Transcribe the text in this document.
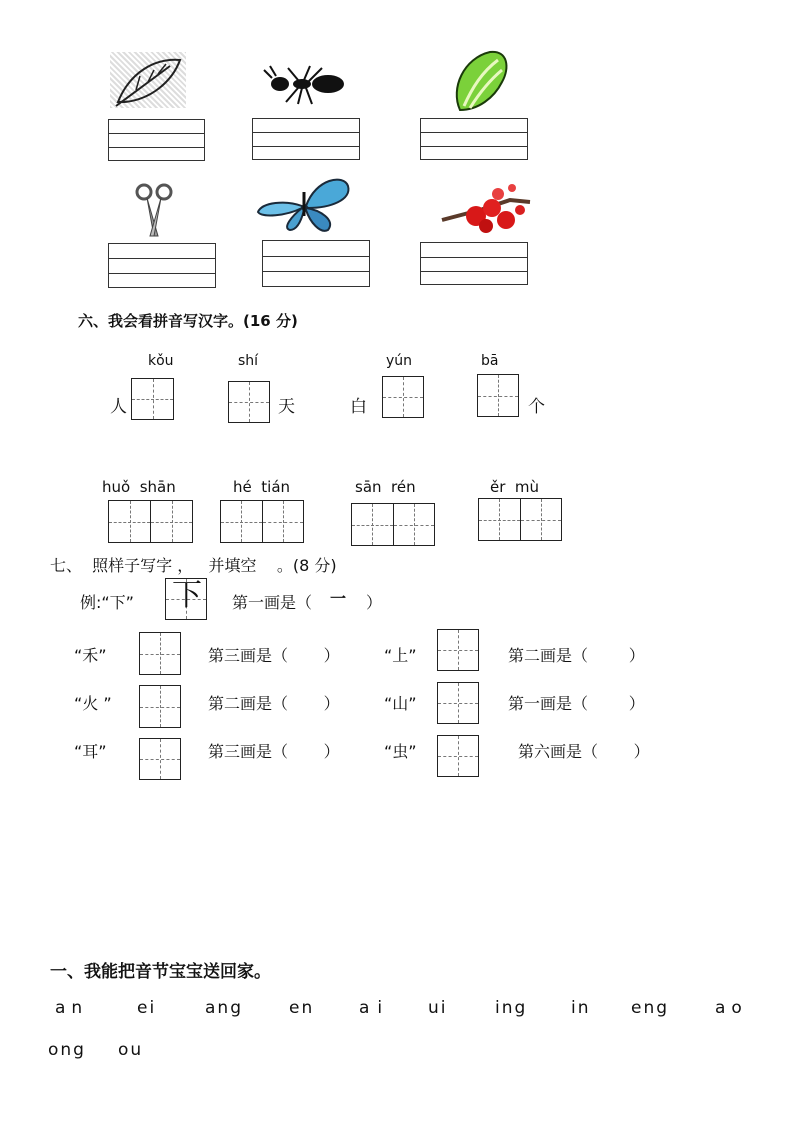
六、我会看拼音写汉字。(16 分)
kǒu	shí	yún	bā
人	天	白	个
huǒ  shān	hé  tián	sān  rén	ěr  mù
七、  照样子写字 ，   并填空    。(8 分)
例:“下” 下 第一画是（ 一 ）
“禾”	第三画是（       ）	“上”	第二画是（        ）
“火 ”	第二画是（       ）	“山”	第一画是（        ）
“耳”	第三画是（       ）	“虫”	第六画是（       ）
一、我能把音节宝宝送回家。
an	ei	ang	en	ai ui	ing	in eng	ao
ong ou
